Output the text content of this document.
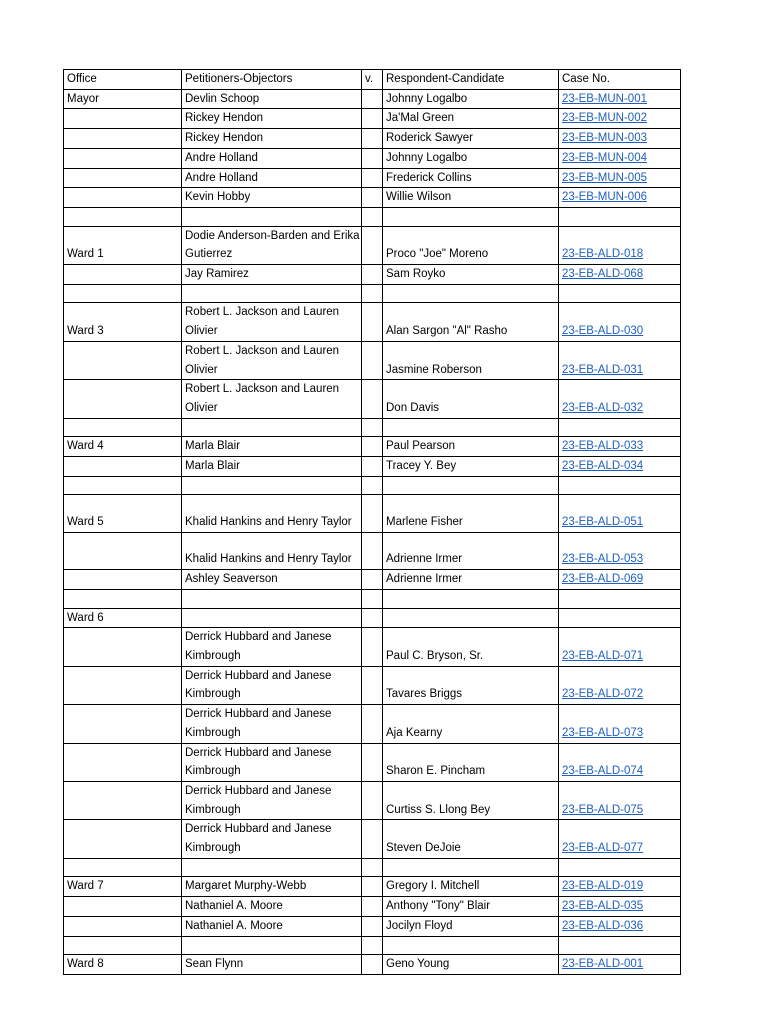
Office	Petitioners-Objectors	v.	Respondent-Candidate	Case No.
Mayor	Devlin Schoop		Johnny Logalbo	23-EB-MUN-001
	Rickey Hendon		Ja'Mal Green	23-EB-MUN-002
	Rickey Hendon		Roderick Sawyer	23-EB-MUN-003
	Andre Holland		Johnny Logalbo	23-EB-MUN-004
	Andre Holland		Frederick Collins	23-EB-MUN-005
	Kevin Hobby		Willie Wilson	23-EB-MUN-006

Ward 1	Dodie Anderson-Barden and Erika Gutierrez		Proco "Joe" Moreno	23-EB-ALD-018
	Jay Ramirez		Sam Royko	23-EB-ALD-068

Ward 3	Robert L. Jackson and Lauren Olivier		Alan Sargon "Al" Rasho	23-EB-ALD-030
	Robert L. Jackson and Lauren Olivier		Jasmine Roberson	23-EB-ALD-031
	Robert L. Jackson and Lauren Olivier		Don Davis	23-EB-ALD-032

Ward 4	Marla Blair		Paul Pearson	23-EB-ALD-033
	Marla Blair		Tracey Y. Bey	23-EB-ALD-034

Ward 5	Khalid Hankins and Henry Taylor		Marlene Fisher	23-EB-ALD-051
	Khalid Hankins and Henry Taylor		Adrienne Irmer	23-EB-ALD-053
	Ashley Seaverson		Adrienne Irmer	23-EB-ALD-069

Ward 6				
	Derrick Hubbard and Janese Kimbrough		Paul C. Bryson, Sr.	23-EB-ALD-071
	Derrick Hubbard and Janese Kimbrough		Tavares Briggs	23-EB-ALD-072
	Derrick Hubbard and Janese Kimbrough		Aja Kearny	23-EB-ALD-073
	Derrick Hubbard and Janese Kimbrough		Sharon E. Pincham	23-EB-ALD-074
	Derrick Hubbard and Janese Kimbrough		Curtiss S. Llong Bey	23-EB-ALD-075
	Derrick Hubbard and Janese Kimbrough		Steven DeJoie	23-EB-ALD-077

Ward 7	Margaret Murphy-Webb		Gregory I. Mitchell	23-EB-ALD-019
	Nathaniel A. Moore		Anthony "Tony" Blair	23-EB-ALD-035
	Nathaniel A. Moore		Jocilyn Floyd	23-EB-ALD-036

Ward 8	Sean Flynn		Geno Young	23-EB-ALD-001
